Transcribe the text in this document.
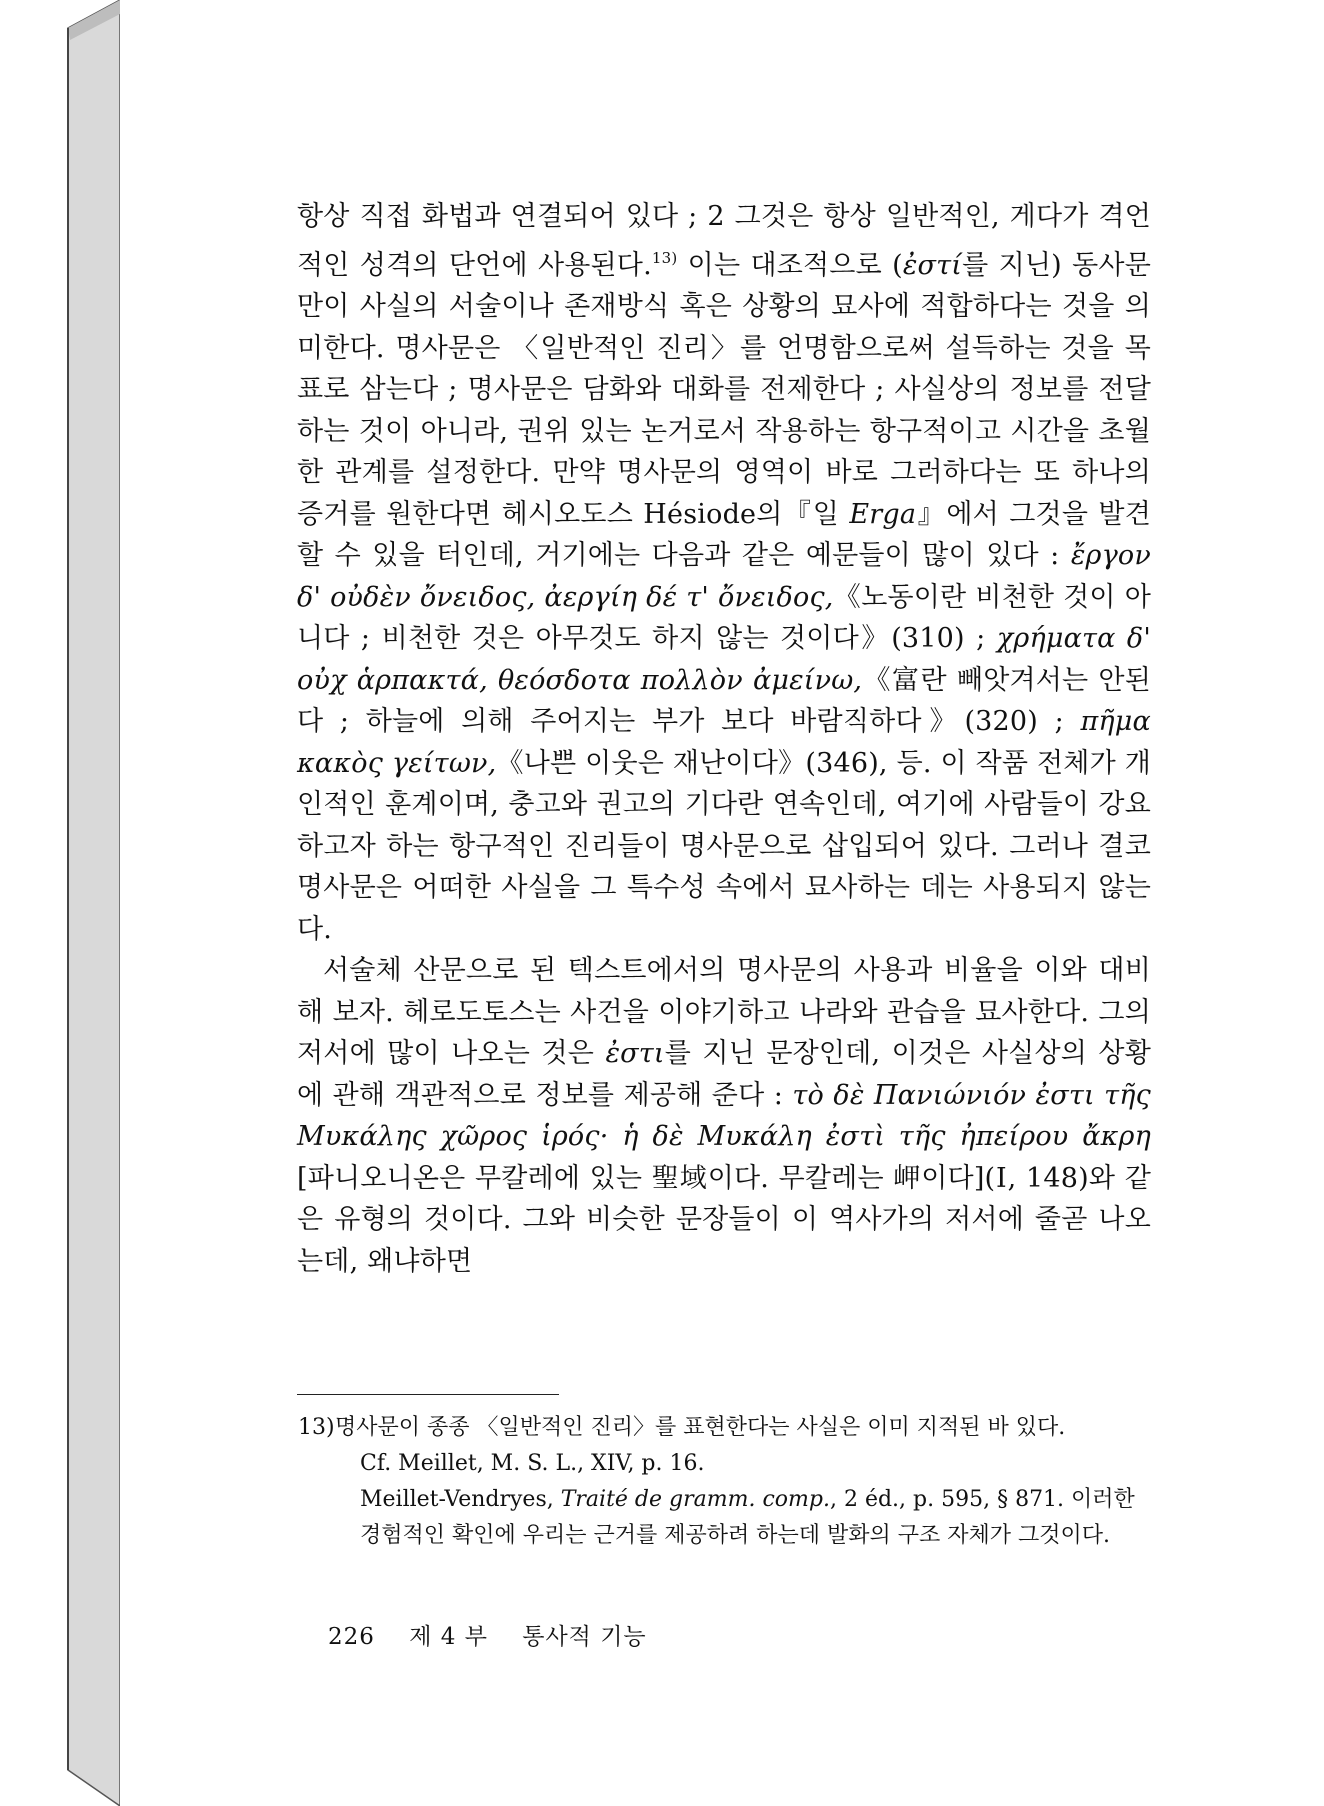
항상 직접 화법과 연결되어 있다 ; 2 그것은 항상 일반적인, 게다가 격언적인 성격의 단언에 사용된다.$^{13)}$ 이는 대조적으로 (ἐστί를 지닌) 동사문만이 사실의 서술이나 존재방식 혹은 상황의 묘사에 적합하다는 것을 의미한다. 명사문은 〈일반적인 진리〉를 언명함으로써 설득하는 것을 목표로 삼는다 ; 명사문은 담화와 대화를 전제한다 ; 사실상의 정보를 전달하는 것이 아니라, 권위 있는 논거로서 작용하는 항구적이고 시간을 초월한 관계를 설정한다. 만약 명사문의 영역이 바로 그러하다는 또 하나의 증거를 원한다면 헤시오도스 Hésiode의『일 Erga』에서 그것을 발견할 수 있을 터인데, 거기에는 다음과 같은 예문들이 많이 있다 : ἔργον δ' οὐδὲν ὄνειδος, ἀεργίη δέ τ' ὄνειδος,《노동이란 비천한 것이 아니다 ; 비천한 것은 아무것도 하지 않는 것이다》(310) ; χρήματα δ' οὐχ ἁρπακτά, θεόσδοτα πολλὸν ἀμείνω,《富란 빼앗겨서는 안된다 ; 하늘에 의해 주어지는 부가 보다 바람직하다》(320) ; πῆμα κακὸς γείτων,《나쁜 이웃은 재난이다》(346), 등. 이 작품 전체가 개인적인 훈계이며, 충고와 권고의 기다란 연속인데, 여기에 사람들이 강요하고자 하는 항구적인 진리들이 명사문으로 삽입되어 있다. 그러나 결코 명사문은 어떠한 사실을 그 특수성 속에서 묘사하는 데는 사용되지 않는다.

서술체 산문으로 된 텍스트에서의 명사문의 사용과 비율을 이와 대비해 보자. 헤로도토스는 사건을 이야기하고 나라와 관습을 묘사한다. 그의 저서에 많이 나오는 것은 ἐστι를 지닌 문장인데, 이것은 사실상의 상황에 관해 객관적으로 정보를 제공해 준다 : τὸ δὲ Πανιώνιόν ἐστι τῆς Μυκάλης χῶρος ἱρός· ἡ δὲ Μυκάλη ἐστὶ τῆς ἠπείρου ἄκρη [파니오니온은 무칼레에 있는 聖域이다. 무칼레는 岬이다](Ⅰ, 148)와 같은 유형의 것이다. 그와 비슷한 문장들이 이 역사가의 저서에 줄곧 나오는데, 왜냐하면

13) 명사문이 종종 〈일반적인 진리〉를 표현한다는 사실은 이미 지적된 바 있다.

Cf. Meillet, M. S. L., XIV, p. 16.

Meillet-Vendryes, Traité de gramm. comp., 2 éd., p. 595, § 871. 이러한 경험적인 확인에 우리는 근거를 제공하려 하는데 발화의 구조 자체가 그것이다.

226 제 4 부 통사적 기능
